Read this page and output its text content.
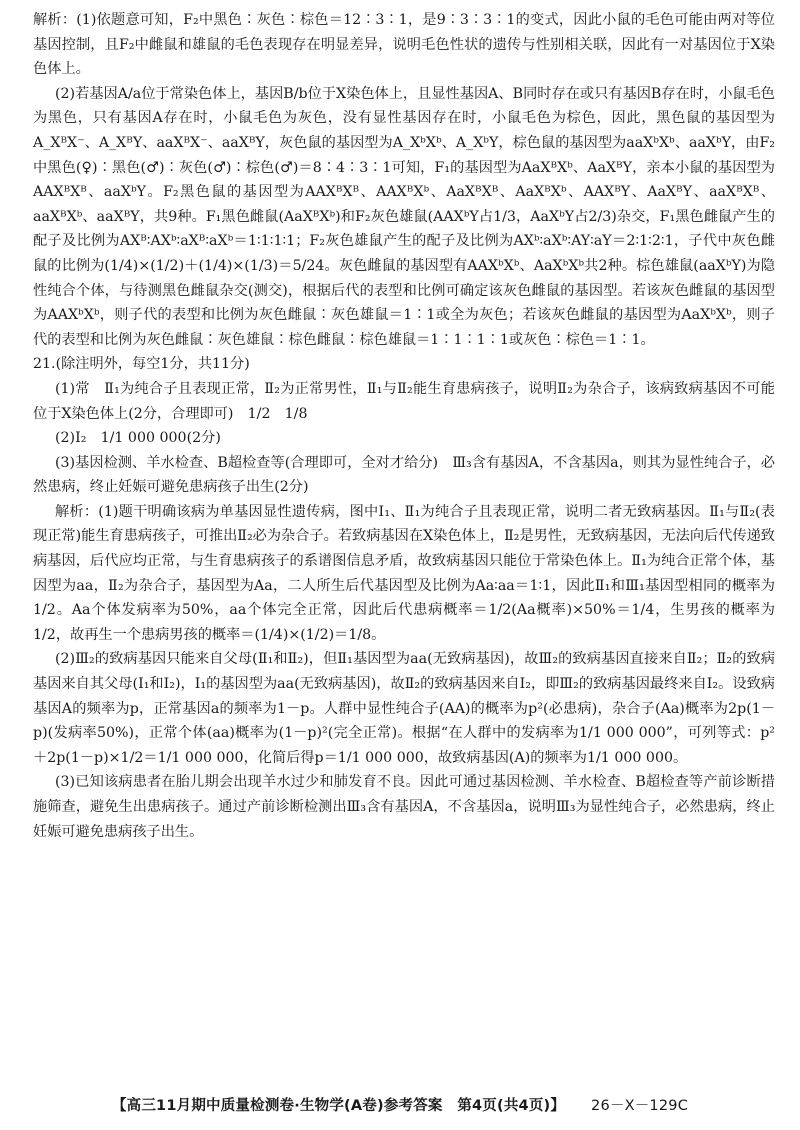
解析：(1)依题意可知，F₂中黑色∶灰色∶棕色＝12∶3∶1，是9∶3∶3∶1的变式，因此小鼠的毛色可能由两对等位基因控制，且F₂中雌鼠和雄鼠的毛色表现存在明显差异，说明毛色性状的遗传与性别相关联，因此有一对基因位于X染色体上。

(2)若基因A/a位于常染色体上，基因B/b位于X染色体上，且显性基因A、B同时存在或只有基因B存在时，小鼠毛色为黑色，只有基因A存在时，小鼠毛色为灰色，没有显性基因存在时，小鼠毛色为棕色，因此，黑色鼠的基因型为A_XᴮX⁻、A_XᴮY、aaXᴮX⁻、aaXᴮY，灰色鼠的基因型为A_XᵇXᵇ、A_XᵇY，棕色鼠的基因型为aaXᵇXᵇ、aaXᵇY，由F₂中黑色(♀)∶黑色(♂)∶灰色(♂)∶棕色(♂)＝8∶4∶3∶1可知，F₁的基因型为AaXᴮXᵇ、AaXᴮY，亲本小鼠的基因型为AAXᴮXᴮ、aaXᵇY。F₂黑色鼠的基因型为AAXᴮXᴮ、AAXᴮXᵇ、AaXᴮXᴮ、AaXᴮXᵇ、AAXᴮY、AaXᴮY、aaXᴮXᴮ、aaXᴮXᵇ、aaXᴮY，共9种。F₁黑色雌鼠(AaXᴮXᵇ)和F₂灰色雄鼠(AAXᵇY占1/3，AaXᵇY占2/3)杂交，F₁黑色雌鼠产生的配子及比例为AXᴮ∶AXᵇ∶aXᴮ∶aXᵇ＝1∶1∶1∶1；F₂灰色雄鼠产生的配子及比例为AXᵇ∶aXᵇ∶AY∶aY＝2∶1∶2∶1，子代中灰色雌鼠的比例为(1/4)×(1/2)＋(1/4)×(1/3)＝5/24。灰色雌鼠的基因型有AAXᵇXᵇ、AaXᵇXᵇ共2种。棕色雄鼠(aaXᵇY)为隐性纯合个体，与待测黑色雌鼠杂交(测交)，根据后代的表型和比例可确定该灰色雌鼠的基因型。若该灰色雌鼠的基因型为AAXᵇXᵇ，则子代的表型和比例为灰色雌鼠∶灰色雄鼠＝1∶1或全为灰色；若该灰色雌鼠的基因型为AaXᵇXᵇ，则子代的表型和比例为灰色雌鼠∶灰色雄鼠∶棕色雌鼠∶棕色雄鼠＝1∶1∶1∶1或灰色∶棕色＝1∶1。

21.(除注明外，每空1分，共11分)

(1)常　Ⅱ₁为纯合子且表现正常，Ⅱ₂为正常男性，Ⅱ₁与Ⅱ₂能生育患病孩子，说明Ⅱ₂为杂合子，该病致病基因不可能位于X染色体上(2分，合理即可)　1/2　1/8

(2)Ⅰ₂　1/1 000 000(2分)

(3)基因检测、羊水检查、B超检查等(合理即可，全对才给分)　Ⅲ₃含有基因A，不含基因a，则其为显性纯合子，必然患病，终止妊娠可避免患病孩子出生(2分)

解析：(1)题干明确该病为单基因显性遗传病，图中Ⅰ₁、Ⅱ₁为纯合子且表现正常，说明二者无致病基因。Ⅱ₁与Ⅱ₂(表现正常)能生育患病孩子，可推出Ⅱ₂必为杂合子。若致病基因在X染色体上，Ⅱ₂是男性，无致病基因，无法向后代传递致病基因，后代应均正常，与生育患病孩子的系谱图信息矛盾，故致病基因只能位于常染色体上。Ⅱ₁为纯合正常个体，基因型为aa，Ⅱ₂为杂合子，基因型为Aa，二人所生后代基因型及比例为Aa∶aa＝1∶1，因此Ⅱ₁和Ⅲ₁基因型相同的概率为1/2。Aa个体发病率为50%，aa个体完全正常，因此后代患病概率＝1/2(Aa概率)×50%＝1/4，生男孩的概率为1/2，故再生一个患病男孩的概率＝(1/4)×(1/2)＝1/8。

(2)Ⅲ₂的致病基因只能来自父母(Ⅱ₁和Ⅱ₂)，但Ⅱ₁基因型为aa(无致病基因)，故Ⅲ₂的致病基因直接来自Ⅱ₂；Ⅱ₂的致病基因来自其父母(Ⅰ₁和Ⅰ₂)，Ⅰ₁的基因型为aa(无致病基因)，故Ⅱ₂的致病基因来自Ⅰ₂，即Ⅲ₂的致病基因最终来自Ⅰ₂。设致病基因A的频率为p，正常基因a的频率为1－p。人群中显性纯合子(AA)的概率为p²(必患病)，杂合子(Aa)概率为2p(1－p)(发病率50%)，正常个体(aa)概率为(1－p)²(完全正常)。根据“在人群中的发病率为1/1 000 000”，可列等式：p²＋2p(1－p)×1/2＝1/1 000 000，化简后得p＝1/1 000 000，故致病基因(A)的频率为1/1 000 000。

(3)已知该病患者在胎儿期会出现羊水过少和肺发育不良。因此可通过基因检测、羊水检查、B超检查等产前诊断措施筛查，避免生出患病孩子。通过产前诊断检测出Ⅲ₃含有基因A，不含基因a，说明Ⅲ₃为显性纯合子，必然患病，终止妊娠可避免患病孩子出生。

【高三11月期中质量检测卷·生物学(A卷)参考答案　第4页(共4页)】 26－X－129C
